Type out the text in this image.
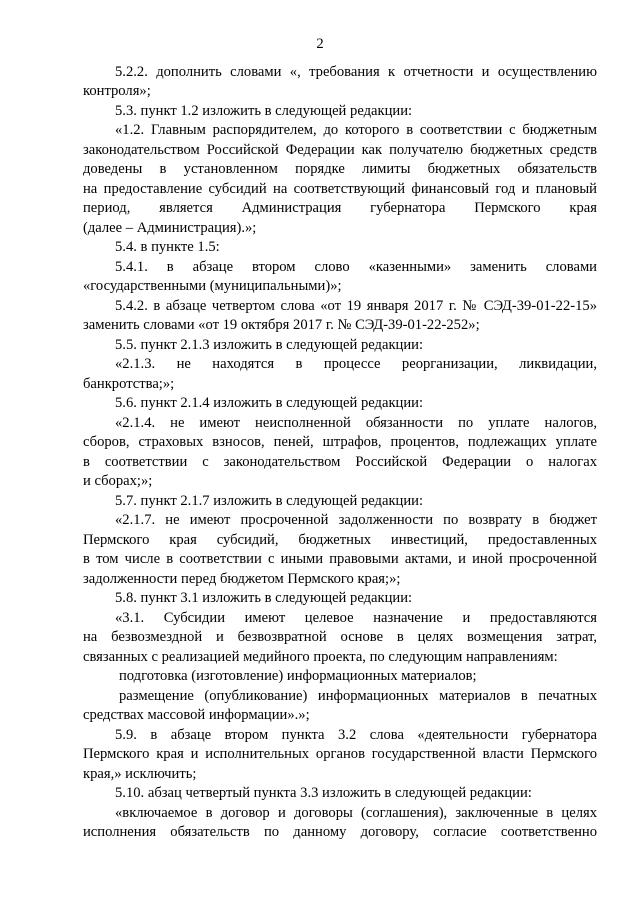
2
5.2.2. дополнить словами «, требования к отчетности и осуществлению
контроля»;
5.3. пункт 1.2 изложить в следующей редакции:
«1.2. Главным распорядителем, до которого в соответствии с бюджетным
законодательством Российской Федерации как получателю бюджетных средств
доведены в установленном порядке лимиты бюджетных обязательств
на предоставление субсидий на соответствующий финансовый год и плановый
период, является Администрация губернатора Пермского края
(далее – Администрация).»;
5.4. в пункте 1.5:
5.4.1. в абзаце втором слово «казенными» заменить словами
«государственными (муниципальными)»;
5.4.2. в абзаце четвертом слова «от 19 января 2017 г. № СЭД-39-01-22-15»
заменить словами «от 19 октября 2017 г. № СЭД-39-01-22-252»;
5.5. пункт 2.1.3 изложить в следующей редакции:
«2.1.3. не находятся в процессе реорганизации, ликвидации,
банкротства;»;
5.6. пункт 2.1.4 изложить в следующей редакции:
«2.1.4. не имеют неисполненной обязанности по уплате налогов,
сборов, страховых взносов, пеней, штрафов, процентов, подлежащих уплате
в соответствии с законодательством Российской Федерации о налогах
и сборах;»;
5.7. пункт 2.1.7 изложить в следующей редакции:
«2.1.7. не имеют просроченной задолженности по возврату в бюджет
Пермского края субсидий, бюджетных инвестиций, предоставленных
в том числе в соответствии с иными правовыми актами, и иной просроченной
задолженности перед бюджетом Пермского края;»;
5.8. пункт 3.1 изложить в следующей редакции:
«3.1. Субсидии имеют целевое назначение и предоставляются
на безвозмездной и безвозвратной основе в целях возмещения затрат,
связанных с реализацией медийного проекта, по следующим направлениям:
подготовка (изготовление) информационных материалов;
размещение (опубликование) информационных материалов в печатных
средствах массовой информации».»;
5.9. в абзаце втором пункта 3.2 слова «деятельности губернатора
Пермского края и исполнительных органов государственной власти Пермского
края,» исключить;
5.10. абзац четвертый пункта 3.3 изложить в следующей редакции:
«включаемое в договор и договоры (соглашения), заключенные в целях
исполнения обязательств по данному договору, согласие соответственно
